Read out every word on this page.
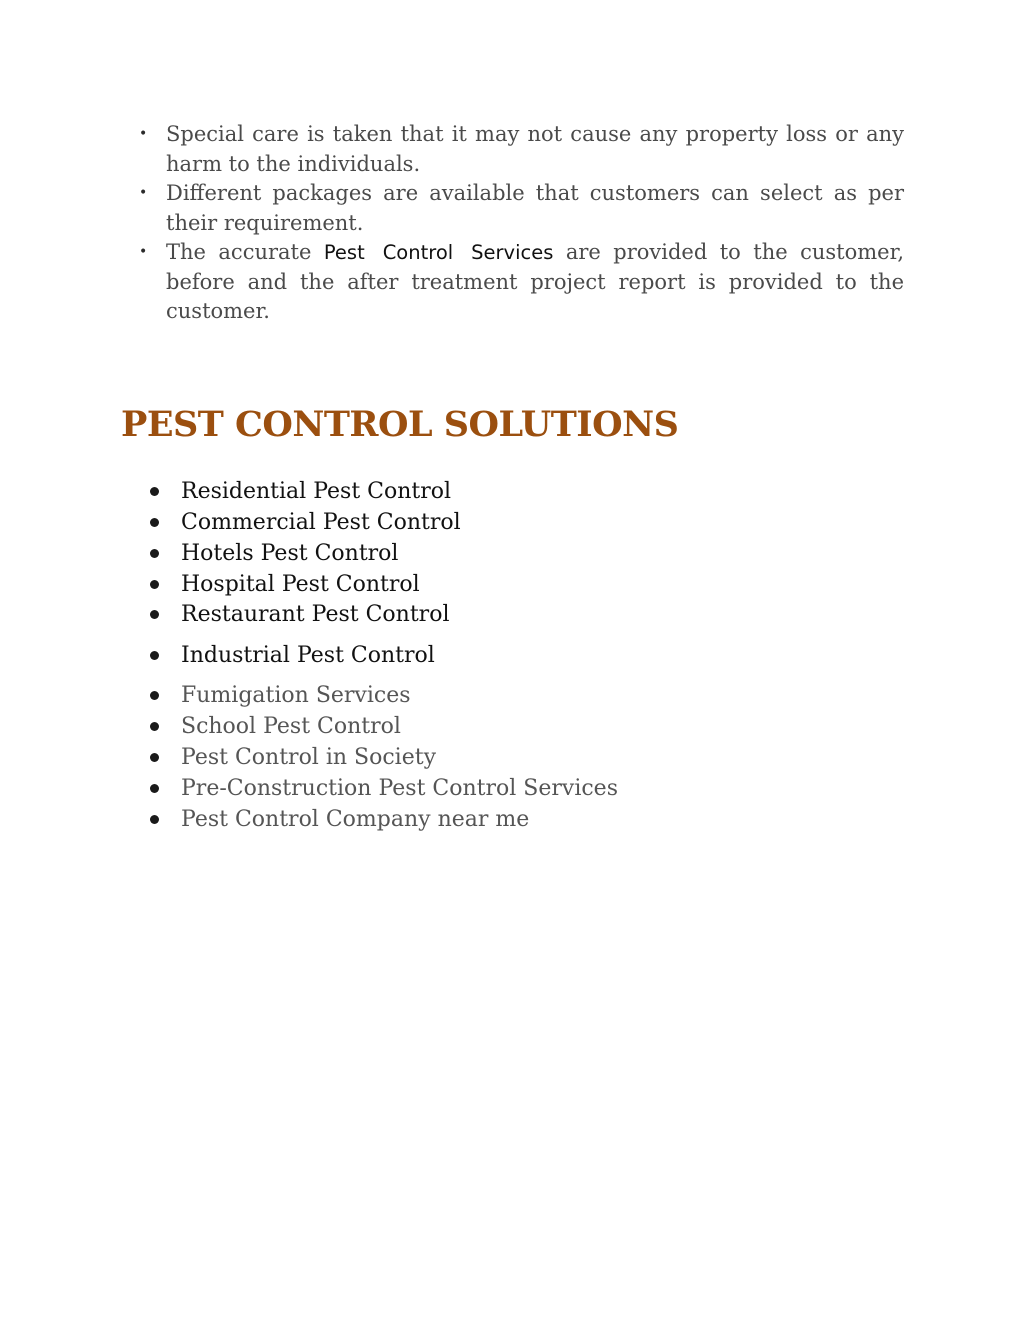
• Special care is taken that it may not cause any property loss or any harm to the individuals.
• Different packages are available that customers can select as per their requirement.
• The accurate Pest Control Services are provided to the customer, before and the after treatment project report is provided to the customer.
PEST CONTROL SOLUTIONS
Residential Pest Control
Commercial Pest Control
Hotels Pest Control
Hospital Pest Control
Restaurant Pest Control
Industrial Pest Control
Fumigation Services
School Pest Control
Pest Control in Society
Pre-Construction Pest Control Services
Pest Control Company near me
